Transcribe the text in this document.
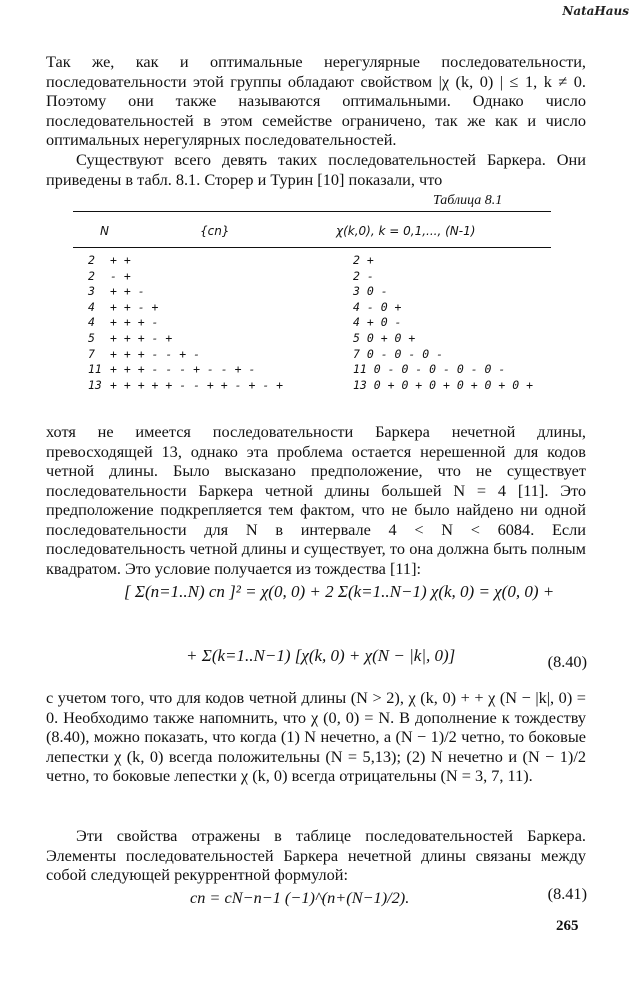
NataHaus

Так же, как и оптимальные нерегулярные последовательности, последовательности этой группы обладают свойством |χ (k, 0) | ≤ 1, k ≠ 0. Поэтому они также называются оптимальными. Однако число последовательностей в этом семействе ограничено, так же как и число оптимальных нерегулярных последовательностей.

Существуют всего девять таких последовательностей Баркера. Они приведены в табл. 8.1. Сторер и Турин [10] показали, что

Таблица 8.1
N	{cn}	χ(k,0), k = 0,1,..., (N-1)
2	+ +	2 +
2	- +	2 -
3	+ + -	3 0 -
4	+ + - +	4 - 0 +
4	+ + + -	4 + 0 -
5	+ + + - +	5 0 + 0 +
7	+ + + - - + -	7 0 - 0 - 0 -
11 + + + - - - + - - + -	11 0 - 0 - 0 - 0 - 0 -
13 + + + + + - - + + - + - +	13 0 + 0 + 0 + 0 + 0 + 0 +

хотя не имеется последовательности Баркера нечетной длины, превосходящей 13, однако эта проблема остается нерешенной для кодов четной длины. Было высказано предположение, что не существует последовательности Баркера четной длины большей N = 4 [11]. Это предположение подкрепляется тем фактом, что не было найдено ни одной последовательности для N в интервале 4 < N < 6084. Если последовательность четной длины и существует, то она должна быть полным квадратом. Это условие получается из тождества [11]:

[ Σ(n=1..N) cn ]² = χ(0, 0) + 2 Σ(k=1..N−1) χ(k, 0) = χ(0, 0) +
+ Σ(k=1..N−1) [χ(k, 0) + χ(N − |k|, 0)]	(8.40)

с учетом того, что для кодов четной длины (N > 2), χ (k, 0) + + χ (N − |k|, 0) = 0. Необходимо также напомнить, что χ (0, 0) = N. В дополнение к тождеству (8.40), можно показать, что когда (1) N нечетно, а (N − 1)/2 четно, то боковые лепестки χ (k, 0) всегда положительны (N = 5,13); (2) N нечетно и (N − 1)/2 четно, то боковые лепестки χ (k, 0) всегда отрицательны (N = 3, 7, 11).

Эти свойства отражены в таблице последовательностей Баркера. Элементы последовательностей Баркера нечетной длины связаны между собой следующей рекуррентной формулой:

cn = cN−n−1 (−1)^(n+(N−1)/2).	(8.41)
265
